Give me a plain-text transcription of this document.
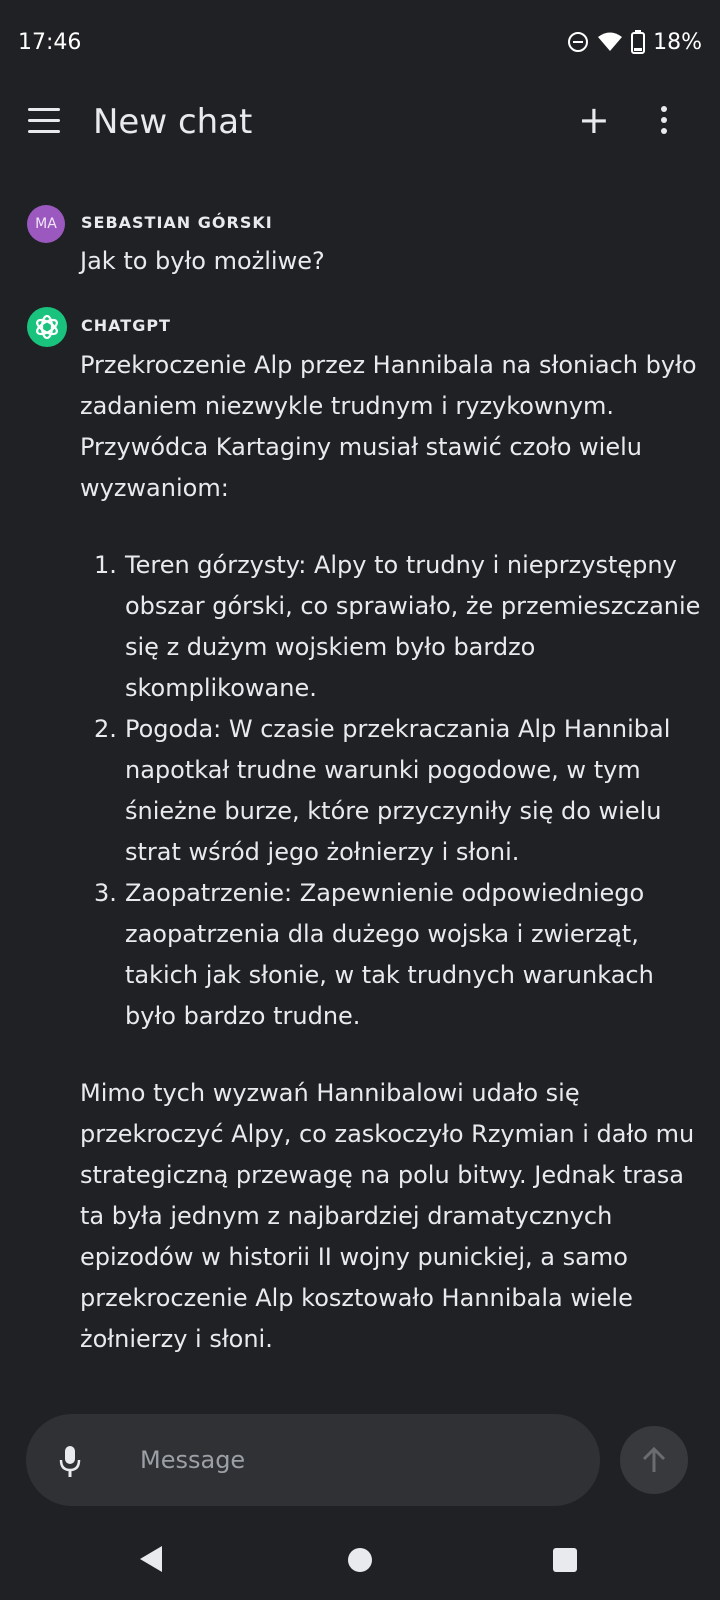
17:46	18%
New chat	+
MA	SEBASTIAN GÓRSKI
Jak to było możliwe?
CHATGPT

Przekroczenie Alp przez Hannibala na słoniach było zadaniem niezwykle trudnym i ryzykownym. Przywódca Kartaginy musiał stawić czoło wielu wyzwaniom:

1. Teren górzysty: Alpy to trudny i nieprzystępny obszar górski, co sprawiało, że przemieszczanie się z dużym wojskiem było bardzo skomplikowane.
2. Pogoda: W czasie przekraczania Alp Hannibal napotkał trudne warunki pogodowe, w tym śnieżne burze, które przyczyniły się do wielu strat wśród jego żołnierzy i słoni.
3. Zaopatrzenie: Zapewnienie odpowiedniego zaopatrzenia dla dużego wojska i zwierząt, takich jak słonie, w tak trudnych warunkach było bardzo trudne.

Mimo tych wyzwań Hannibalowi udało się przekroczyć Alpy, co zaskoczyło Rzymian i dało mu strategiczną przewagę na polu bitwy. Jednak trasa ta była jednym z najbardziej dramatycznych epizodów w historii II wojny punickiej, a samo przekroczenie Alp kosztowało Hannibala wiele żołnierzy i słoni.

Message
